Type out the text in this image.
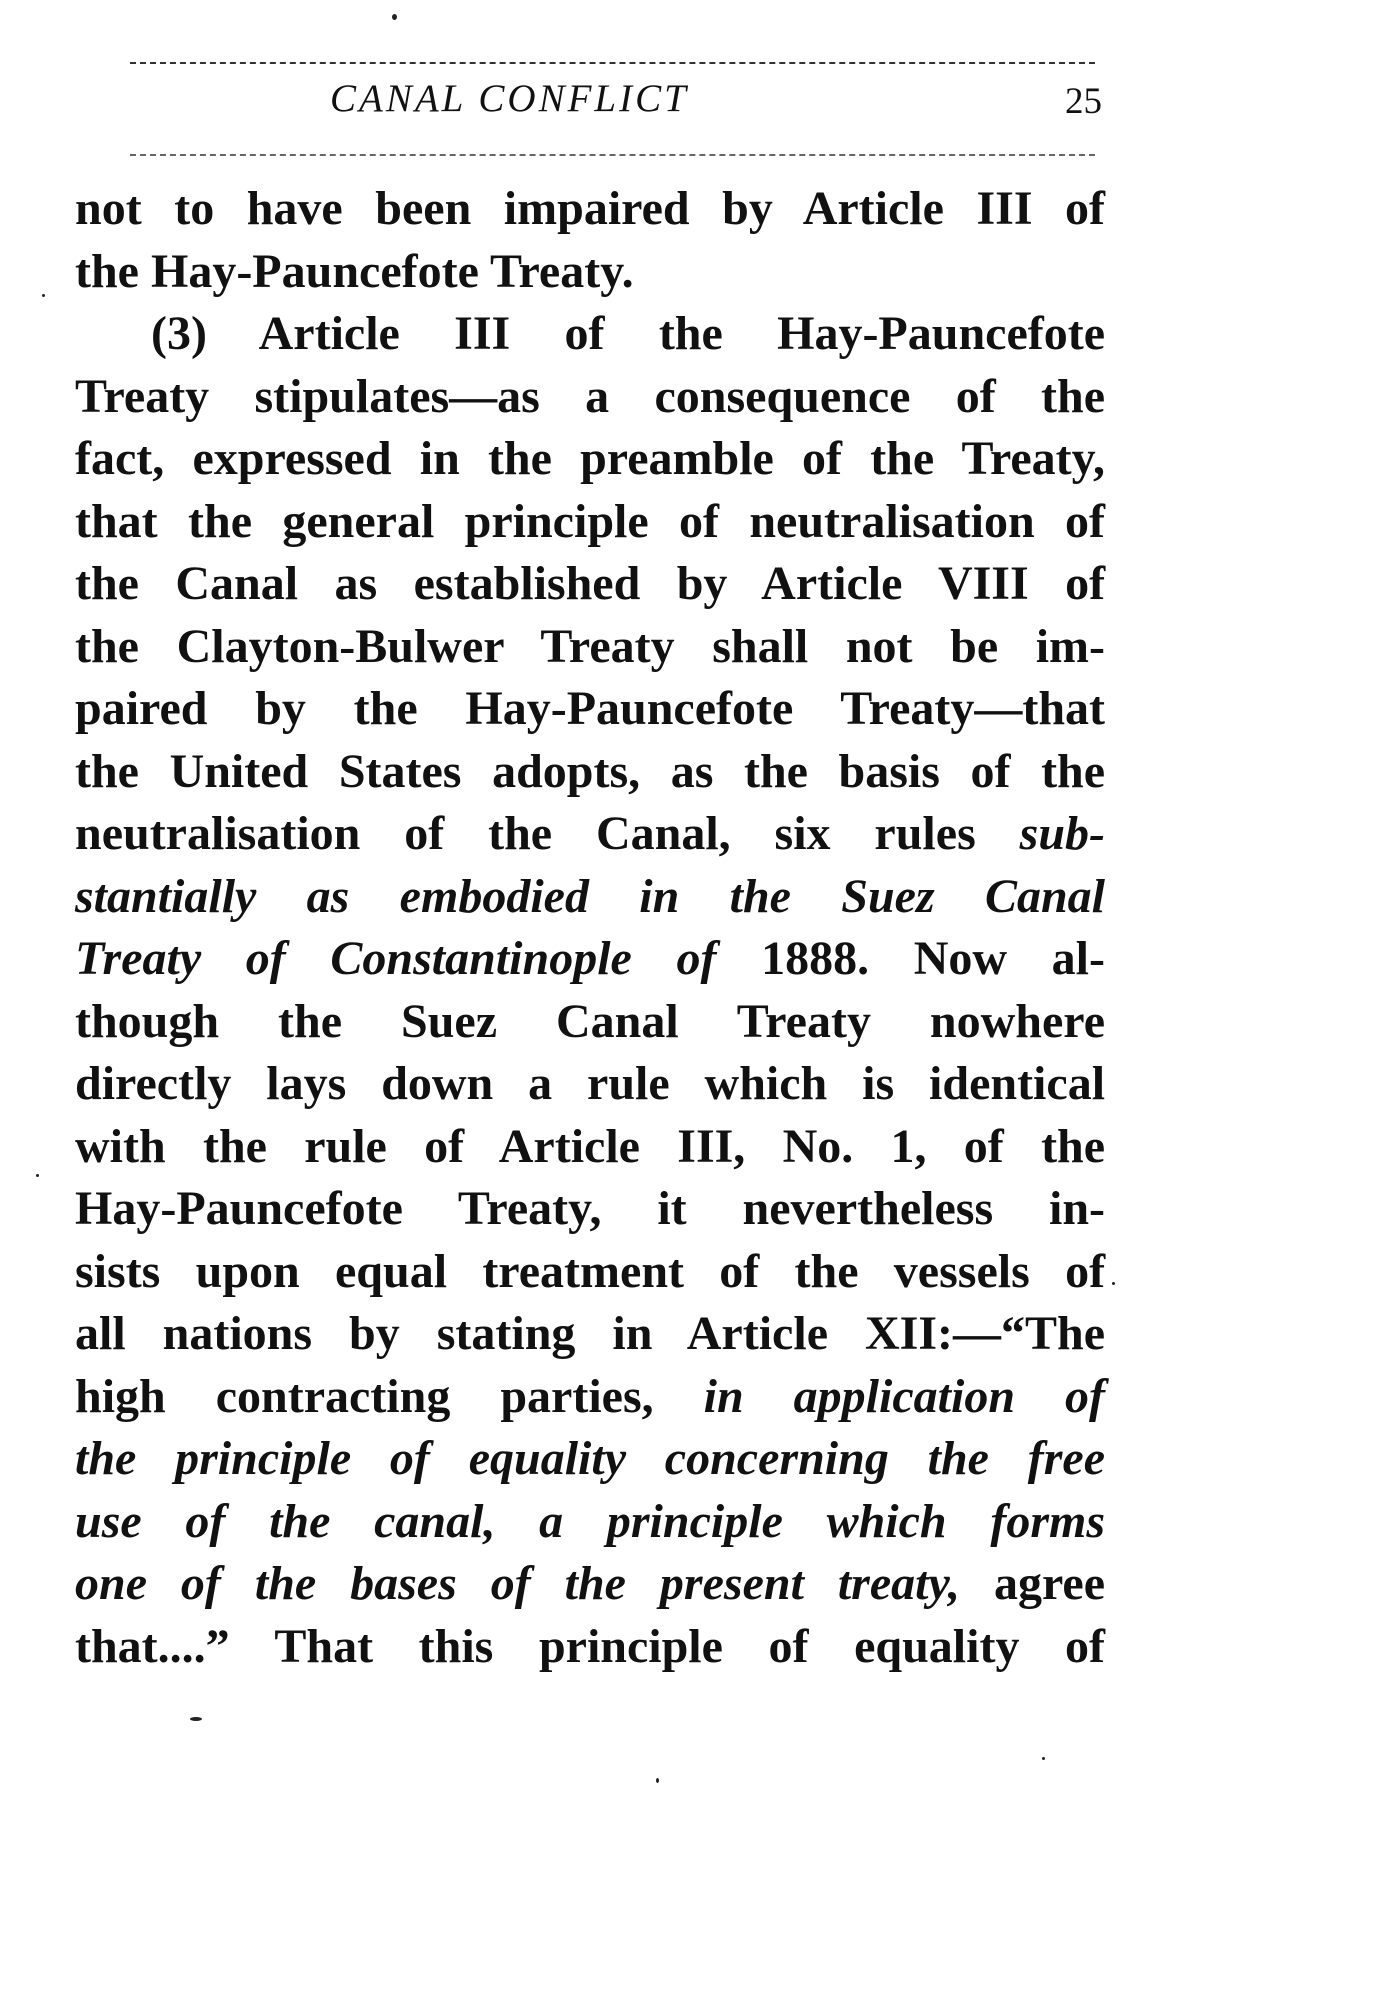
CANAL CONFLICT	25
not to have been impaired by Article III of
the Hay-Pauncefote Treaty.
(3) Article III of the Hay-Pauncefote
Treaty stipulates—as a consequence of the
fact, expressed in the preamble of the Treaty,
that the general principle of neutralisation of
the Canal as established by Article VIII of
the Clayton-Bulwer Treaty shall not be im-
paired by the Hay-Pauncefote Treaty—that
the United States adopts, as the basis of the
neutralisation of the Canal, six rules sub-
stantially as embodied in the Suez Canal
Treaty of Constantinople of 1888. Now al-
though the Suez Canal Treaty nowhere
directly lays down a rule which is identical
with the rule of Article III, No. 1, of the
Hay-Pauncefote Treaty, it nevertheless in-
sists upon equal treatment of the vessels of
all nations by stating in Article XII:—“The
high contracting parties, in application of
the principle of equality concerning the free
use of the canal, a principle which forms
one of the bases of the present treaty, agree
that....” That this principle of equality of
